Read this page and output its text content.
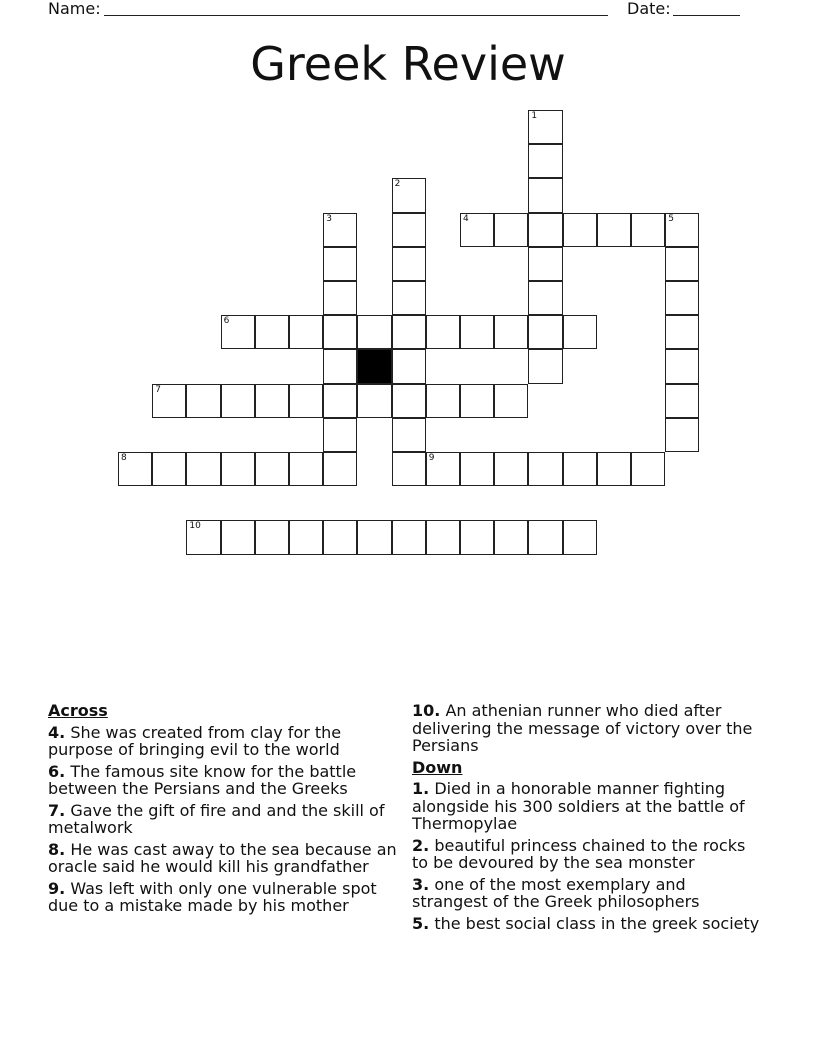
Name:	Date:
Greek Review
1
2
3	4	5
6
7
8	9
10
Across
4. She was created from clay for the purpose of bringing evil to the world
6. The famous site know for the battle between the Persians and the Greeks
7. Gave the gift of fire and and the skill of metalwork
8. He was cast away to the sea because an oracle said he would kill his grandfather
9. Was left with only one vulnerable spot due to a mistake made by his mother
10. An athenian runner who died after delivering the message of victory over the Persians
Down
1. Died in a honorable manner fighting alongside his 300 soldiers at the battle of Thermopylae
2. beautiful princess chained to the rocks to be devoured by the sea monster
3. one of the most exemplary and strangest of the Greek philosophers
5. the best social class in the greek society
